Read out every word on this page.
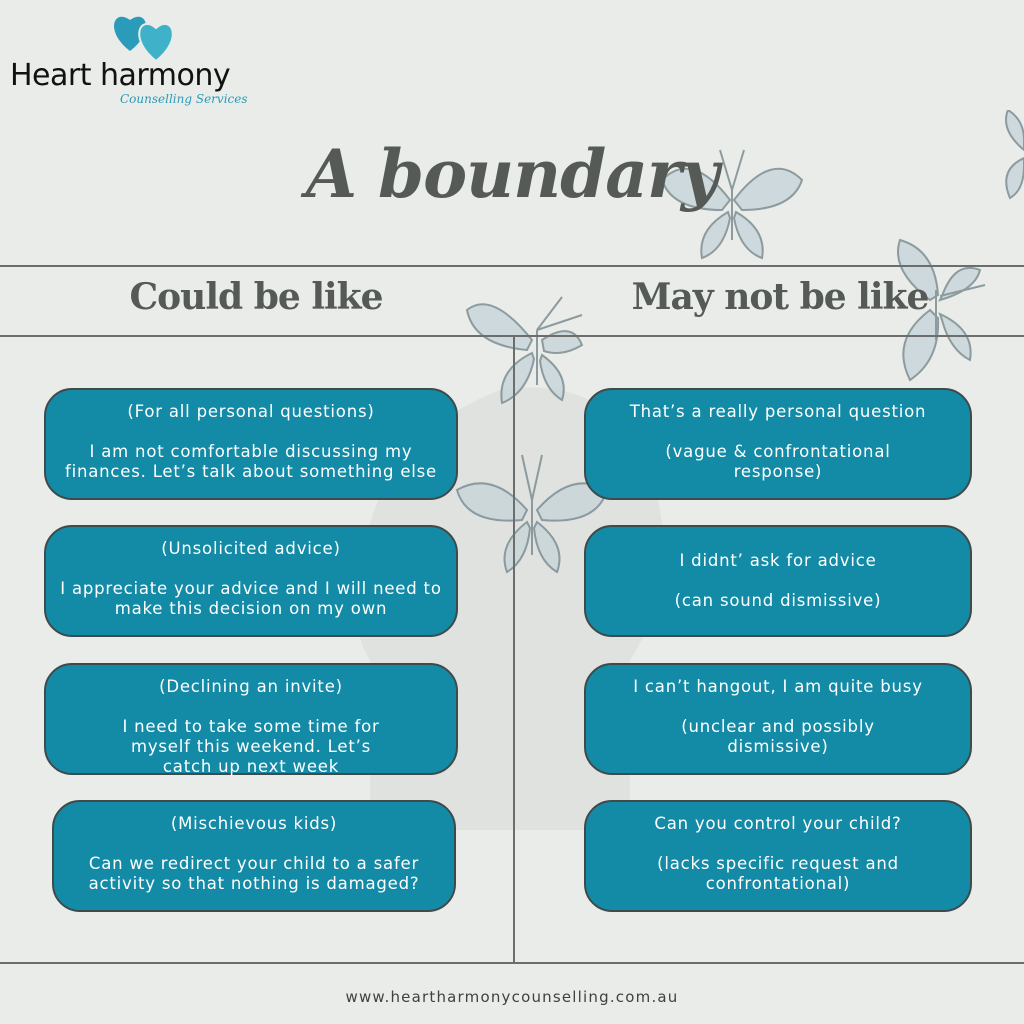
Heart harmony
Counselling Services
A boundary
Could be like	May not be like
(For all personal questions)
I am not comfortable discussing my finances. Let’s talk about something else
(Unsolicited advice)
I appreciate your advice and I will need to make this decision on my own
(Declining an invite)
I need to take some time for myself this weekend. Let’s catch up next week
(Mischievous kids)
Can we redirect your child to a safer activity so that nothing is damaged?
That’s a really personal question
(vague & confrontational response)
I didnt’ ask for advice
(can sound dismissive)
I can’t hangout, I am quite busy
(unclear and possibly dismissive)
Can you control your child?
(lacks specific request and confrontational)
www.heartharmonycounselling.com.au
